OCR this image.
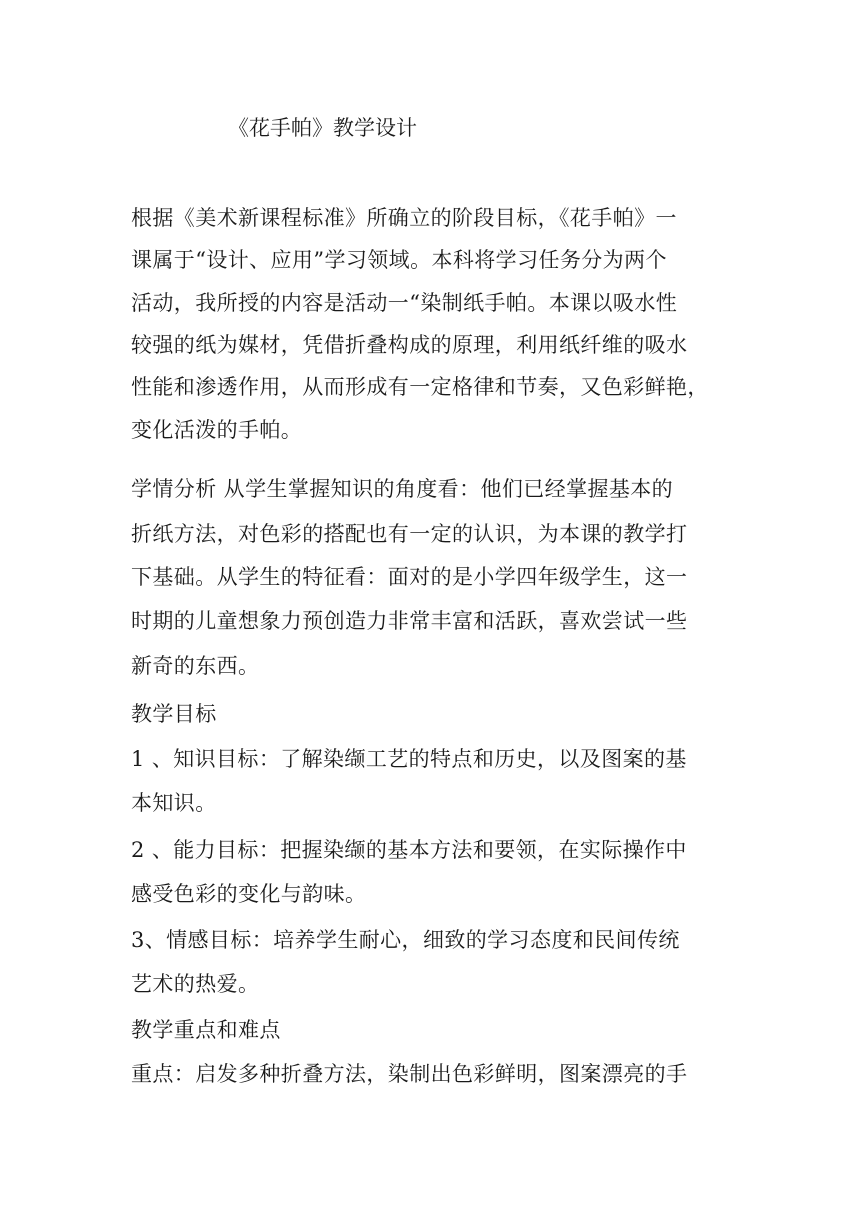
《花手帕》教学设计
根据《美术新课程标准》所确立的阶段目标，《花手帕》一
课属于“设计、应用”学习领域。本科将学习任务分为两个
活动，我所授的内容是活动一“染制纸手帕。本课以吸水性
较强的纸为媒材，凭借折叠构成的原理，利用纸纤维的吸水
性能和渗透作用，从而形成有一定格律和节奏，又色彩鲜艳，
变化活泼的手帕。
学情分析 从学生掌握知识的角度看：他们已经掌握基本的
折纸方法，对色彩的搭配也有一定的认识，为本课的教学打
下基础。从学生的特征看：面对的是小学四年级学生，这一
时期的儿童想象力预创造力非常丰富和活跃，喜欢尝试一些
新奇的东西。
教学目标
1 、知识目标：了解染缬工艺的特点和历史，以及图案的基
本知识。
2 、能力目标：把握染缬的基本方法和要领，在实际操作中
感受色彩的变化与韵味。
3、情感目标：培养学生耐心，细致的学习态度和民间传统
艺术的热爱。
教学重点和难点
重点：启发多种折叠方法，染制出色彩鲜明，图案漂亮的手
